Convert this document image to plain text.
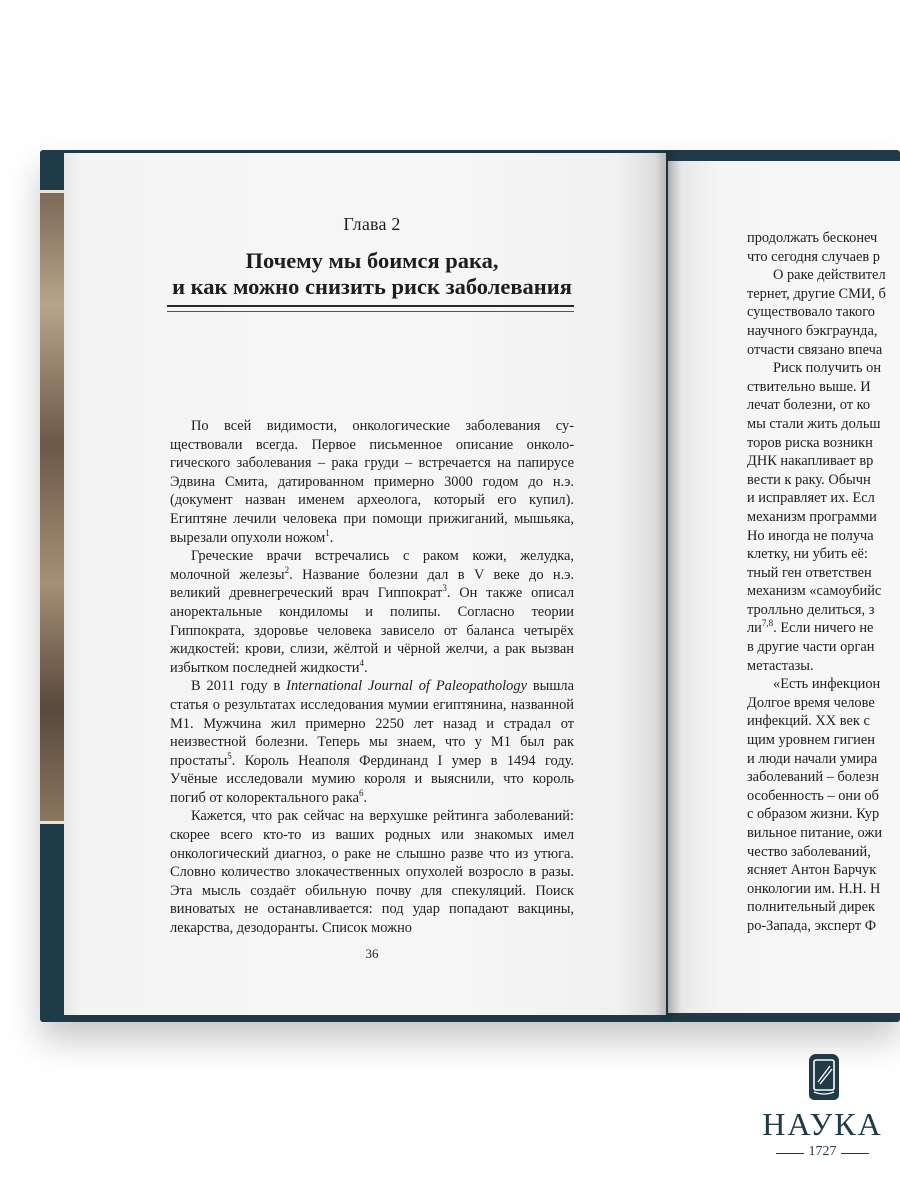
Глава 2
Почему мы боимся рака,
и как можно снизить риск заболевания

По всей видимости, онкологические заболевания существовали всегда. Первое письменное описание онкологического заболевания – рака груди – встречается на папирусе Эдвина Смита, датированном примерно 3000 годом до н.э. (документ назван именем археолога, который его купил). Египтяне лечили человека при помощи прижиганий, мышьяка, вырезали опухоли ножом$^1$.

Греческие врачи встречались с раком кожи, желудка, молочной железы$^2$. Название болезни дал в V веке до н.э. великий древнегреческий врач Гиппократ$^3$. Он также описал аноректальные кондиломы и полипы. Согласно теории Гиппократа, здоровье человека зависело от баланса четырёх жидкостей: крови, слизи, жёлтой и чёрной желчи, а рак вызван избытком последней жидкости$^4$.

В 2011 году в International Journal of Paleopathology вышла статья о результатах исследования мумии египтянина, названной M1. Мужчина жил примерно 2250 лет назад и страдал от неизвестной болезни. Теперь мы знаем, что у M1 был рак простаты$^5$. Король Неаполя Фердинанд I умер в 1494 году. Учёные исследовали мумию короля и выяснили, что король погиб от колоректального рака$^6$.

Кажется, что рак сейчас на верхушке рейтинга заболеваний: скорее всего кто-то из ваших родных или знакомых имел онкологический диагноз, о раке не слышно разве что из утюга. Словно количество злокачественных опухолей возросло в разы. Эта мысль создаёт обильную почву для спекуляций. Поиск виноватых не останавливается: под удар попадают вакцины, лекарства, дезодоранты. Список можно

36
продолжать бесконеч
что сегодня случаев р
О раке действител
тернет, другие СМИ, б
существовало такого
научного бэкграунда,
отчасти связано впеча
Риск получить он
ствительно выше. И
лечат болезни, от ко
мы стали жить дольш
торов риска возникн
ДНК накапливает вр
вести к раку. Обычн
и исправляет их. Есл
механизм программи
Но иногда не получа
клетку, ни убить её:
тный ген ответствен
механизм «самоубийс
тролльно делиться, з
ли$^{7,8}$. Если ничего не
в другие части орган
метастазы.
«Есть инфекцион
Долгое время челове
инфекций. XX век с
щим уровнем гигиен
и люди начали умира
заболеваний – болезн
особенность – они об
с образом жизни. Кур
вильное питание, ожи
чество заболеваний,
ясняет Антон Барчук
онкологии им. Н.Н. Н
полнительный дирек
ро-Запада, эксперт Ф
НАУКА
1727
